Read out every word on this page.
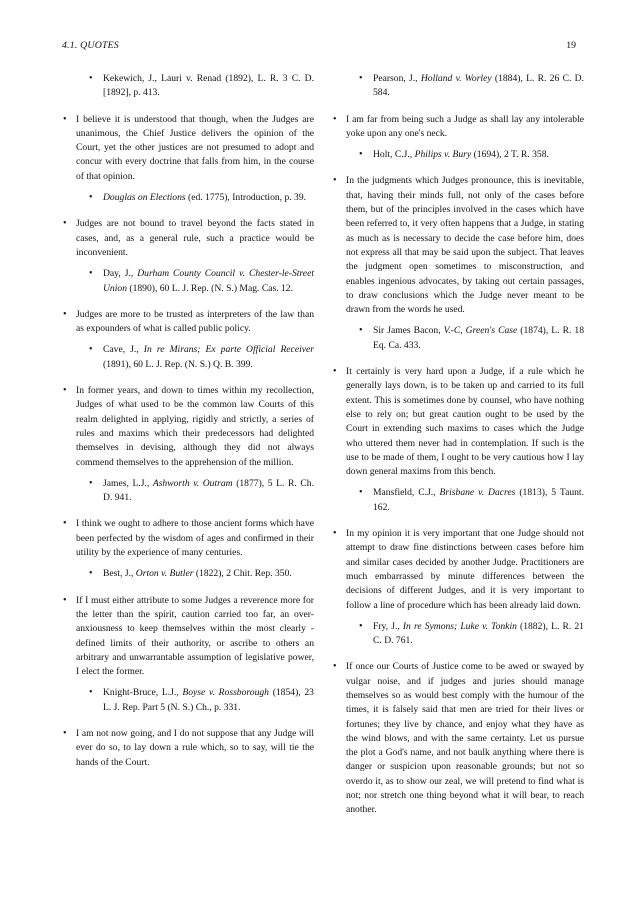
4.1. QUOTES	19
• Kekewich, J., Lauri v. Renad (1892), L. R. 3 C. D. [1892], p. 413.
• I believe it is understood that though, when the Judges are unanimous, the Chief Justice delivers the opinion of the Court, yet the other justices are not presumed to adopt and concur with every doctrine that falls from him, in the course of that opinion.
• Douglas on Elections (ed. 1775), Introduction, p. 39.
• Judges are not bound to travel beyond the facts stated in cases, and, as a general rule, such a practice would be inconvenient.
• Day, J., Durham County Council v. Chester-le-Street Union (1890), 60 L. J. Rep. (N. S.) Mag. Cas. 12.
• Judges are more to be trusted as interpreters of the law than as expounders of what is called public policy.
• Cave, J., In re Mirans; Ex parte Official Receiver (1891), 60 L. J. Rep. (N. S.) Q. B. 399.
• In former years, and down to times within my recollection, Judges of what used to be the common law Courts of this realm delighted in applying, rigidly and strictly, a series of rules and maxims which their predecessors had delighted themselves in devising, although they did not always commend themselves to the apprehension of the million.
• James, L.J., Ashworth v. Outram (1877), 5 L. R. Ch. D. 941.
• I think we ought to adhere to those ancient forms which have been perfected by the wisdom of ages and confirmed in their utility by the experience of many centuries.
• Best, J., Orton v. Butler (1822), 2 Chit. Rep. 350.
• If I must either attribute to some Judges a reverence more for the letter than the spirit, caution carried too far, an over-anxiousness to keep themselves within the most clearly - defined limits of their authority, or ascribe to others an arbitrary and unwarrantable assumption of legislative power, I elect the former.
• Knight-Bruce, L.J., Boyse v. Rossborough (1854), 23 L. J. Rep. Part 5 (N. S.) Ch., p. 331.
• I am not now going, and I do not suppose that any Judge will ever do so, to lay down a rule which, so to say, will tie the hands of the Court.
• Pearson, J., Holland v. Worley (1884), L. R. 26 C. D. 584.
• I am far from being such a Judge as shall lay any intolerable yoke upon any one's neck.
• Holt, C.J., Philips v. Bury (1694), 2 T. R. 358.
• In the judgments which Judges pronounce, this is inevitable, that, having their minds full, not only of the cases before them, but of the principles involved in the cases which have been referred to, it very often happens that a Judge, in stating as much as is necessary to decide the case before him, does not express all that may be said upon the subject. That leaves the judgment open sometimes to misconstruction, and enables ingenious advocates, by taking out certain passages, to draw conclusions which the Judge never meant to be drawn from the words he used.
• Sir James Bacon, V.-C, Green's Case (1874), L. R. 18 Eq. Ca. 433.
• It certainly is very hard upon a Judge, if a rule which he generally lays down, is to be taken up and carried to its full extent. This is sometimes done by counsel, who have nothing else to rely on; but great caution ought to be used by the Court in extending such maxims to cases which the Judge who uttered them never had in contemplation. If such is the use to be made of them, I ought to be very cautious how I lay down general maxims from this bench.
• Mansfield, C.J., Brisbane v. Dacres (1813), 5 Taunt. 162.
• In my opinion it is very important that one Judge should not attempt to draw fine distinctions between cases before him and similar cases decided by another Judge. Practitioners are much embarrassed by minute differences between the decisions of different Judges, and it is very important to follow a line of procedure which has been already laid down.
• Fry, J., In re Symons; Luke v. Tonkin (1882), L. R. 21 C. D. 761.
• If once our Courts of Justice come to be awed or swayed by vulgar noise, and if judges and juries should manage themselves so as would best comply with the humour of the times, it is falsely said that men are tried for their lives or fortunes; they live by chance, and enjoy what they have as the wind blows, and with the same certainty. Let us pursue the plot a God's name, and not baulk anything where there is danger or suspicion upon reasonable grounds; but not so overdo it, as to show our zeal, we will pretend to find what is not; nor stretch one thing beyond what it will bear, to reach another.
